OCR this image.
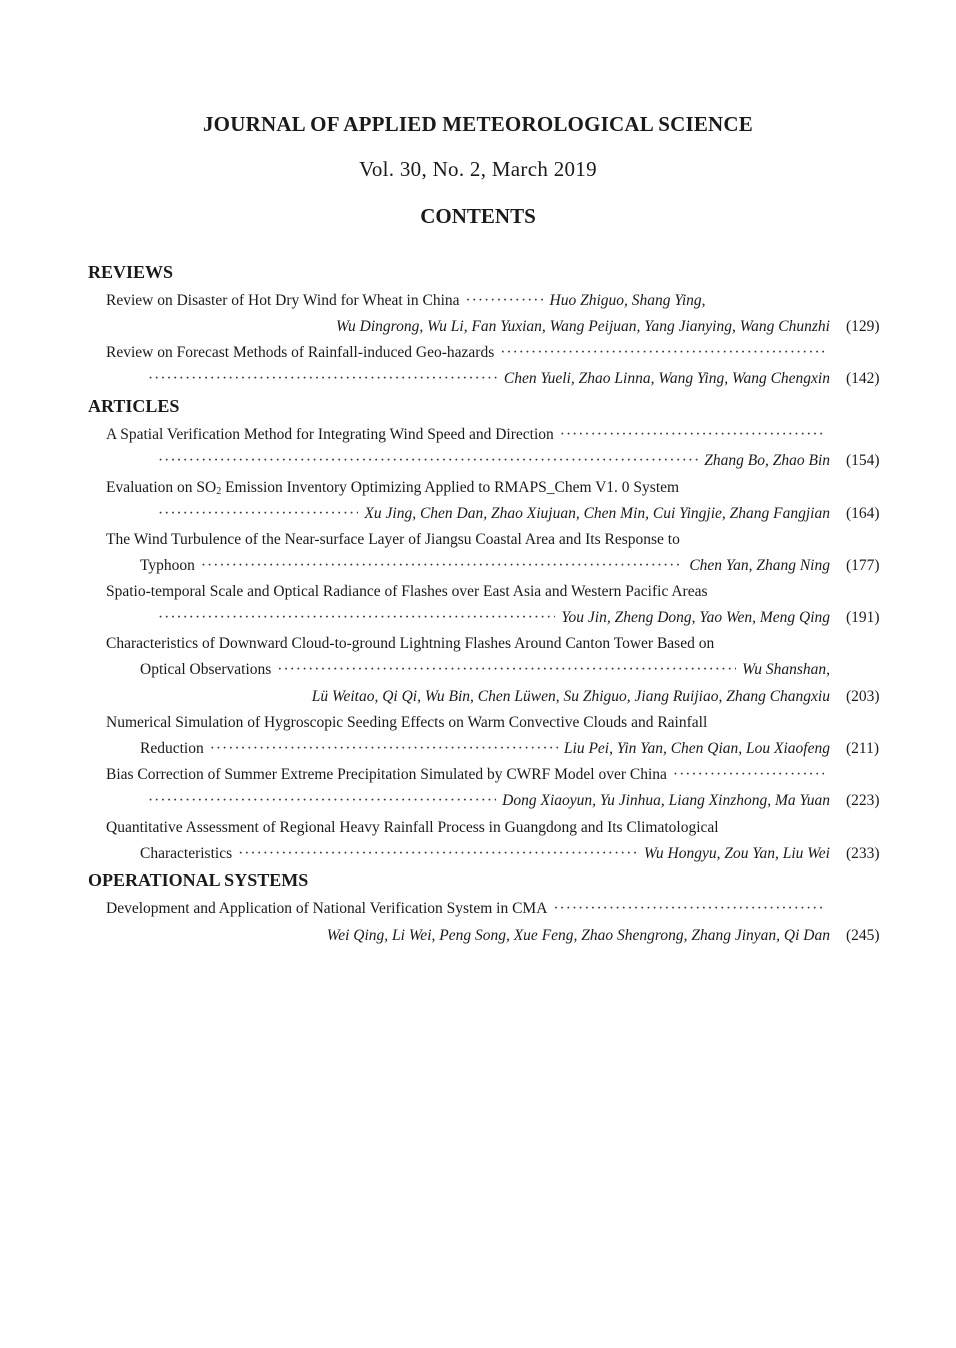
JOURNAL OF APPLIED METEOROLOGICAL SCIENCE
Vol. 30, No. 2, March 2019
CONTENTS
REVIEWS
Review on Disaster of Hot Dry Wind for Wheat in China ·····	Huo Zhiguo, Shang Ying,
Wu Dingrong, Wu Li, Fan Yuxian, Wang Peijuan, Yang Jianying, Wang Chunzhi (129)
Review on Forecast Methods of Rainfall-induced Geo-hazards
·····
·····
Chen Yueli, Zhao Linna, Wang Ying, Wang Chengxin (142)
ARTICLES
A Spatial Verification Method for Integrating Wind Speed and Direction
·····
·····
Zhang Bo, Zhao Bin (154)
Evaluation on $SO_2$ Emission Inventory Optimizing Applied to RMAPS_Chem V1. 0 System
·····
Xu Jing, Chen Dan, Zhao Xiujuan, Chen Min, Cui Yingjie, Zhang Fangjian (164)
The Wind Turbulence of the Near-surface Layer of Jiangsu Coastal Area and Its Response to
Typhoon ·····	Chen Yan, Zhang Ning (177)
Spatio-temporal Scale and Optical Radiance of Flashes over East Asia and Western Pacific Areas
·····
You Jin, Zheng Dong, Yao Wen, Meng Qing (191)
Characteristics of Downward Cloud-to-ground Lightning Flashes Around Canton Tower Based on
Optical Observations ·····	Wu Shanshan,
Lü Weitao, Qi Qi, Wu Bin, Chen Lüwen, Su Zhiguo, Jiang Ruijiao, Zhang Changxiu (203)
Numerical Simulation of Hygroscopic Seeding Effects on Warm Convective Clouds and Rainfall
Reduction ·····	Liu Pei, Yin Yan, Chen Qian, Lou Xiaofeng (211)
Bias Correction of Summer Extreme Precipitation Simulated by CWRF Model over China
·····
·····
Dong Xiaoyun, Yu Jinhua, Liang Xinzhong, Ma Yuan (223)
Quantitative Assessment of Regional Heavy Rainfall Process in Guangdong and Its Climatological
Characteristics ·····	Wu Hongyu, Zou Yan, Liu Wei (233)
OPERATIONAL SYSTEMS
Development and Application of National Verification System in CMA
·····
Wei Qing, Li Wei, Peng Song, Xue Feng, Zhao Shengrong, Zhang Jinyan, Qi Dan (245)
